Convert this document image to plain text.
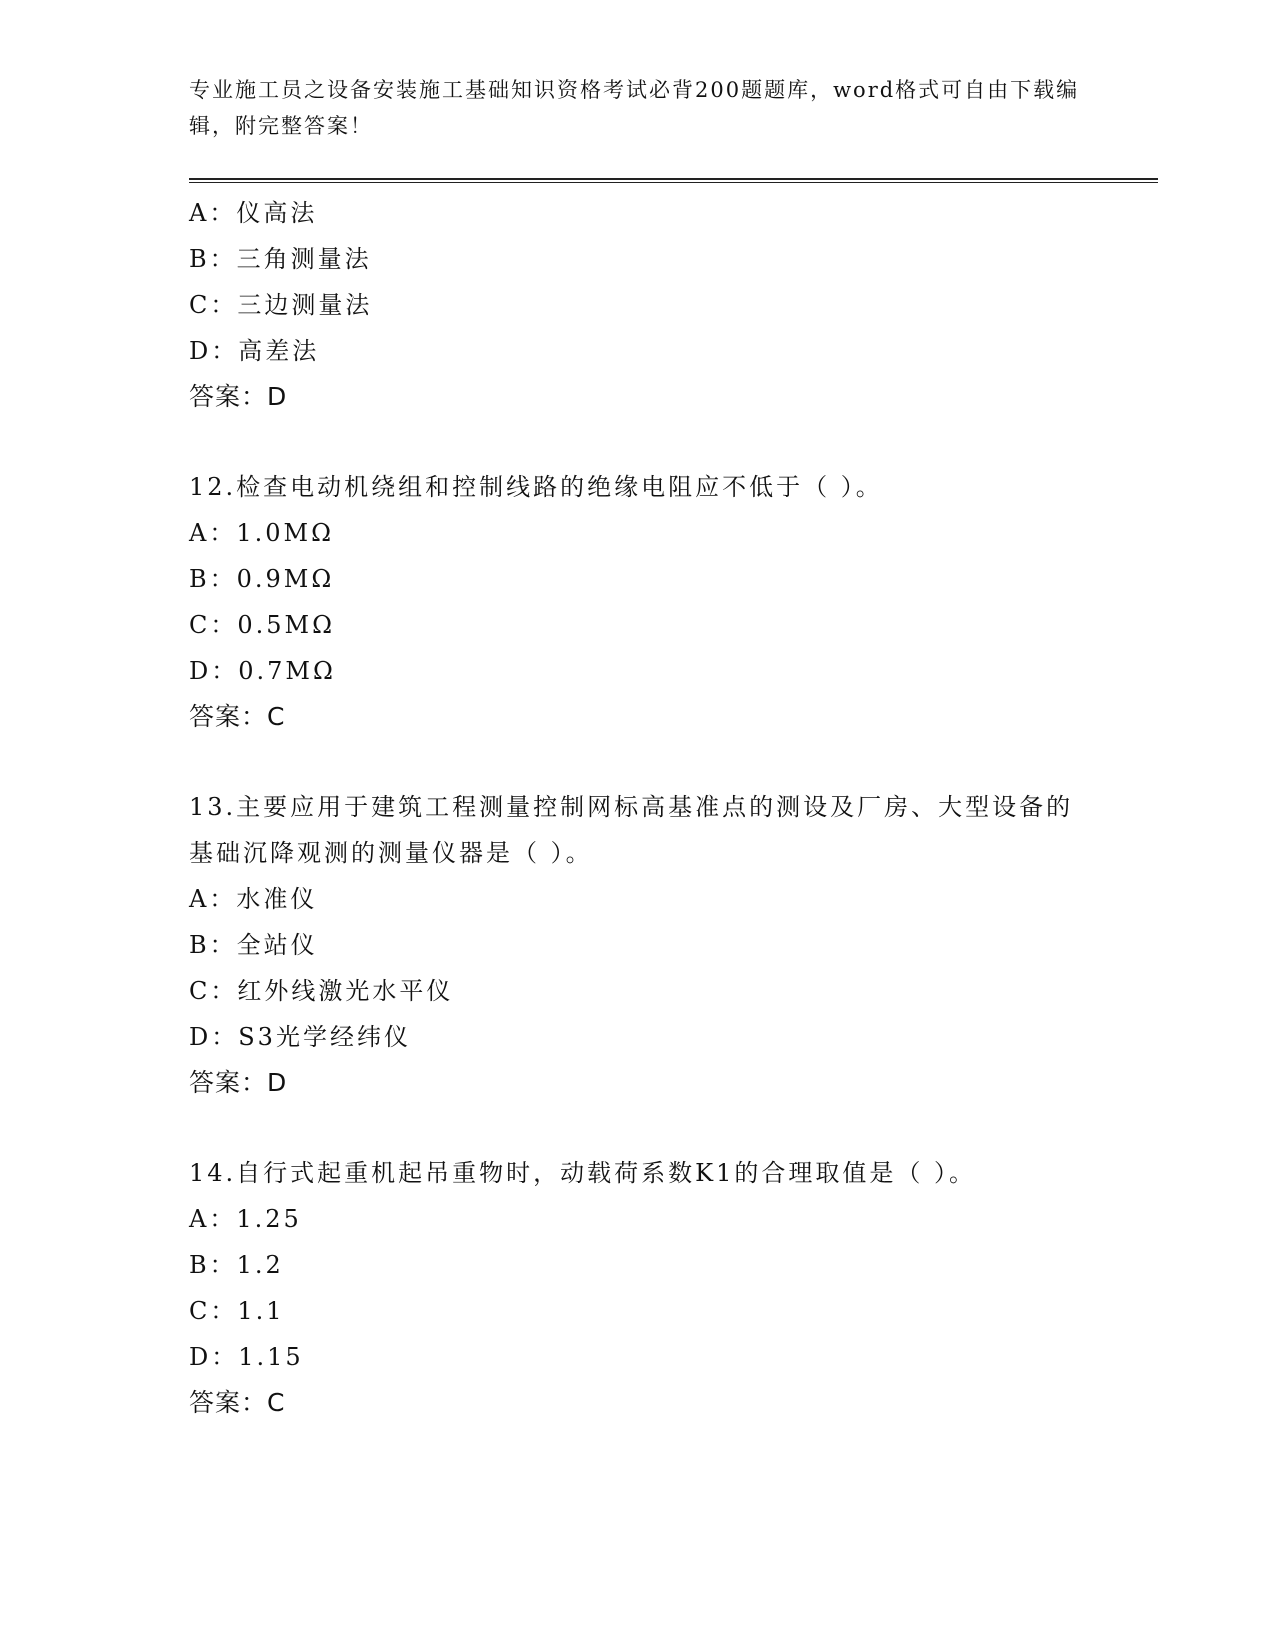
专业施工员之设备安装施工基础知识资格考试必背200题题库，word格式可自由下载编辑，附完整答案！
A：仪高法
B：三角测量法
C：三边测量法
D：高差法
答案：D
12.检查电动机绕组和控制线路的绝缘电阻应不低于（ ）。
A：1.0MΩ
B：0.9MΩ
C：0.5MΩ
D：0.7MΩ
答案：C
13.主要应用于建筑工程测量控制网标高基准点的测设及厂房、大型设备的基础沉降观测的测量仪器是（ ）。
A：水准仪
B：全站仪
C：红外线激光水平仪
D：S3光学经纬仪
答案：D
14.自行式起重机起吊重物时，动载荷系数K1的合理取值是（ ）。
A：1.25
B：1.2
C：1.1
D：1.15
答案：C
